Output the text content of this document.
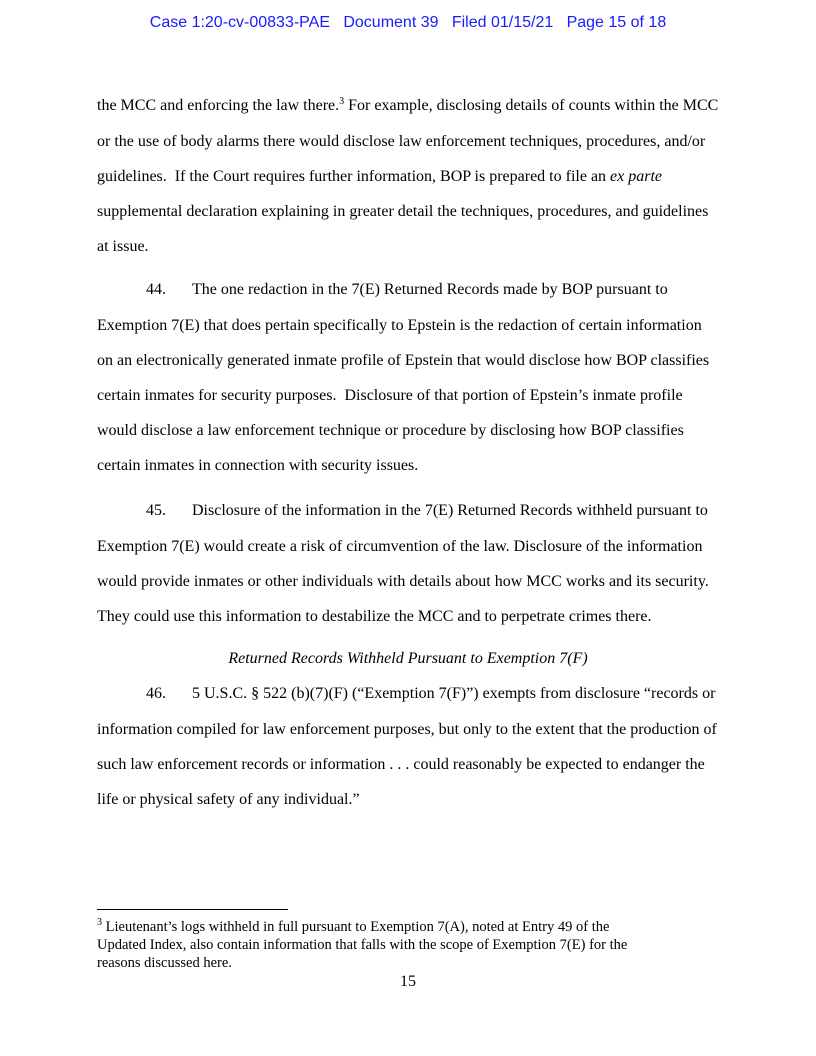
Case 1:20-cv-00833-PAE   Document 39   Filed 01/15/21   Page 15 of 18
the MCC and enforcing the law there.$^3$ For example, disclosing details of counts within the MCC
or the use of body alarms there would disclose law enforcement techniques, procedures, and/or
guidelines.  If the Court requires further information, BOP is prepared to file an ex parte
supplemental declaration explaining in greater detail the techniques, procedures, and guidelines
at issue.
44. The one redaction in the 7(E) Returned Records made by BOP pursuant to
Exemption 7(E) that does pertain specifically to Epstein is the redaction of certain information
on an electronically generated inmate profile of Epstein that would disclose how BOP classifies
certain inmates for security purposes.  Disclosure of that portion of Epstein’s inmate profile
would disclose a law enforcement technique or procedure by disclosing how BOP classifies
certain inmates in connection with security issues.
45. Disclosure of the information in the 7(E) Returned Records withheld pursuant to
Exemption 7(E) would create a risk of circumvention of the law. Disclosure of the information
would provide inmates or other individuals with details about how MCC works and its security.
They could use this information to destabilize the MCC and to perpetrate crimes there.
Returned Records Withheld Pursuant to Exemption 7(F)
46. 5 U.S.C. § 522 (b)(7)(F) (“Exemption 7(F)”) exempts from disclosure “records or
information compiled for law enforcement purposes, but only to the extent that the production of
such law enforcement records or information . . . could reasonably be expected to endanger the
life or physical safety of any individual.”
$^3$ Lieutenant’s logs withheld in full pursuant to Exemption 7(A), noted at Entry 49 of the
Updated Index, also contain information that falls with the scope of Exemption 7(E) for the
reasons discussed here.
15
